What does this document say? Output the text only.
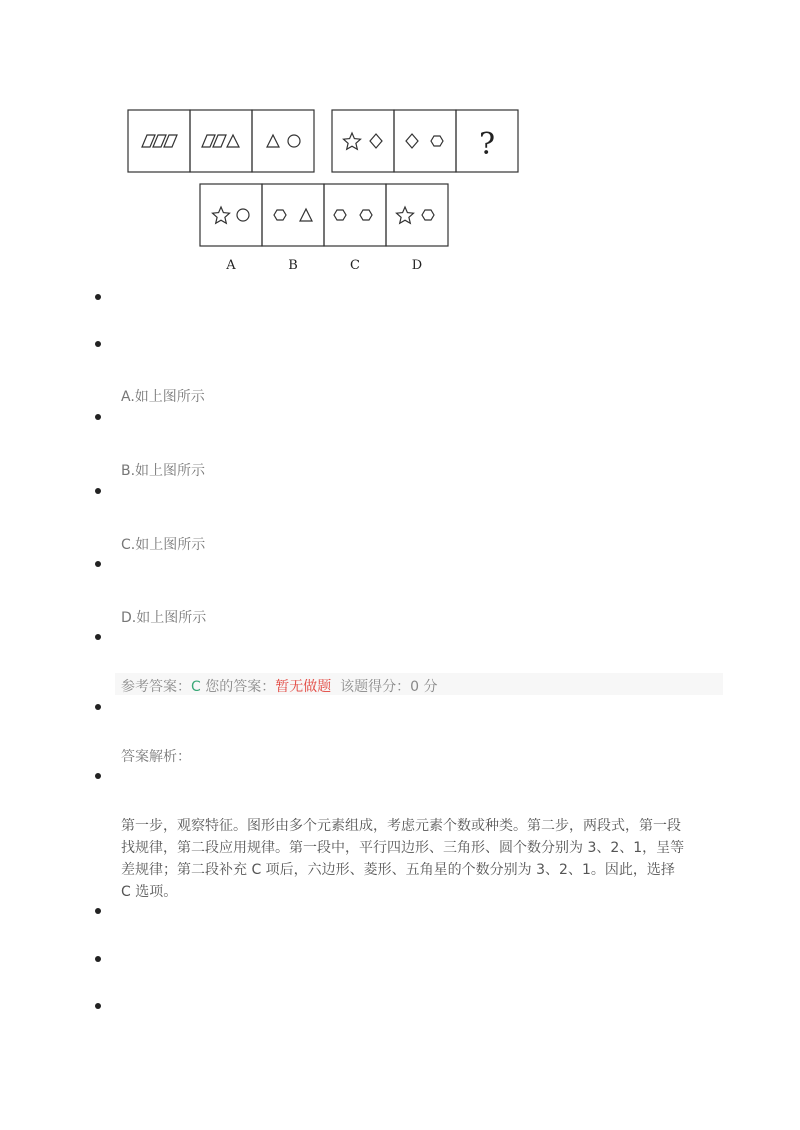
?
A	B	C	D
A.如上图所示
B.如上图所示
C.如上图所示
D.如上图所示
参考答案：C 您的答案：暂无做题  该题得分：0 分
答案解析：
第一步，观察特征。图形由多个元素组成，考虑元素个数或种类。第二步，两段式，第一段找规律，第二段应用规律。第一段中，平行四边形、三角形、圆个数分别为 3、2、1，呈等差规律；第二段补充 C 项后，六边形、菱形、五角星的个数分别为 3、2、1。因此，选择 C 选项。
